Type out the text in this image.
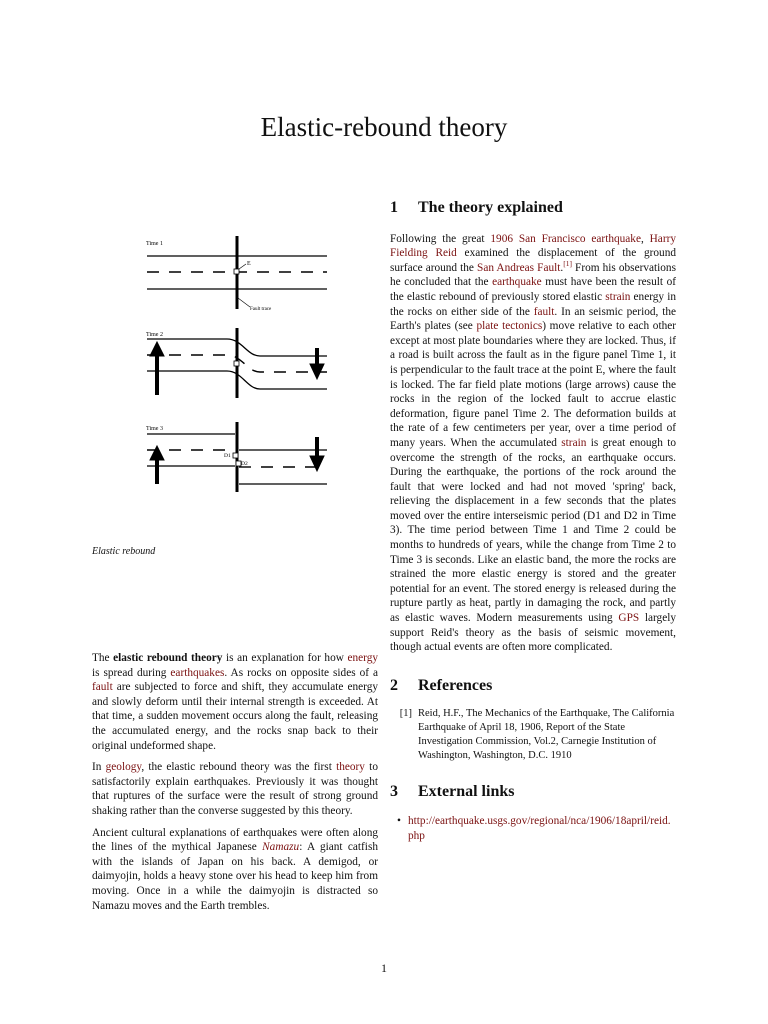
Elastic-rebound theory
Time 1
E
Fault trace
Time 2
Time 3
D1
D2
Elastic rebound

The elastic rebound theory is an explanation for how energy is spread during earthquakes. As rocks on opposite sides of a fault are subjected to force and shift, they accumulate energy and slowly deform until their internal strength is exceeded. At that time, a sudden movement occurs along the fault, releasing the accumulated energy, and the rocks snap back to their original undeformed shape.

In geology, the elastic rebound theory was the first theory to satisfactorily explain earthquakes. Previously it was thought that ruptures of the surface were the result of strong ground shaking rather than the converse suggested by this theory.

Ancient cultural explanations of earthquakes were often along the lines of the mythical Japanese Namazu: A giant catfish with the islands of Japan on his back. A demigod, or daimyojin, holds a heavy stone over his head to keep him from moving. Once in a while the daimyojin is distracted so Namazu moves and the Earth trembles.

1	The theory explained

Following the great 1906 San Francisco earthquake, Harry Fielding Reid examined the displacement of the ground surface around the San Andreas Fault.[1] From his observations he concluded that the earthquake must have been the result of the elastic rebound of previously stored elastic strain energy in the rocks on either side of the fault. In an seismic period, the Earth's plates (see plate tectonics) move relative to each other except at most plate boundaries where they are locked. Thus, if a road is built across the fault as in the figure panel Time 1, it is perpendicular to the fault trace at the point E, where the fault is locked. The far field plate motions (large arrows) cause the rocks in the region of the locked fault to accrue elastic deformation, figure panel Time 2. The deformation builds at the rate of a few centimeters per year, over a time period of many years. When the accumulated strain is great enough to overcome the strength of the rocks, an earthquake occurs. During the earthquake, the portions of the rock around the fault that were locked and had not moved 'spring' back, relieving the displacement in a few seconds that the plates moved over the entire interseismic period (D1 and D2 in Time 3). The time period between Time 1 and Time 2 could be months to hundreds of years, while the change from Time 2 to Time 3 is seconds. Like an elastic band, the more the rocks are strained the more elastic energy is stored and the greater potential for an event. The stored energy is released during the rupture partly as heat, partly in damaging the rock, and partly as elastic waves. Modern measurements using GPS largely support Reid's theory as the basis of seismic movement, though actual events are often more complicated.

2	References
[1] Reid, H.F., The Mechanics of the Earthquake, The California Earthquake of April 18, 1906, Report of the State Investigation Commission, Vol.2, Carnegie Institution of Washington, Washington, D.C. 1910
3	External links
• http://earthquake.usgs.gov/regional/nca/1906/18april/reid.php
1
